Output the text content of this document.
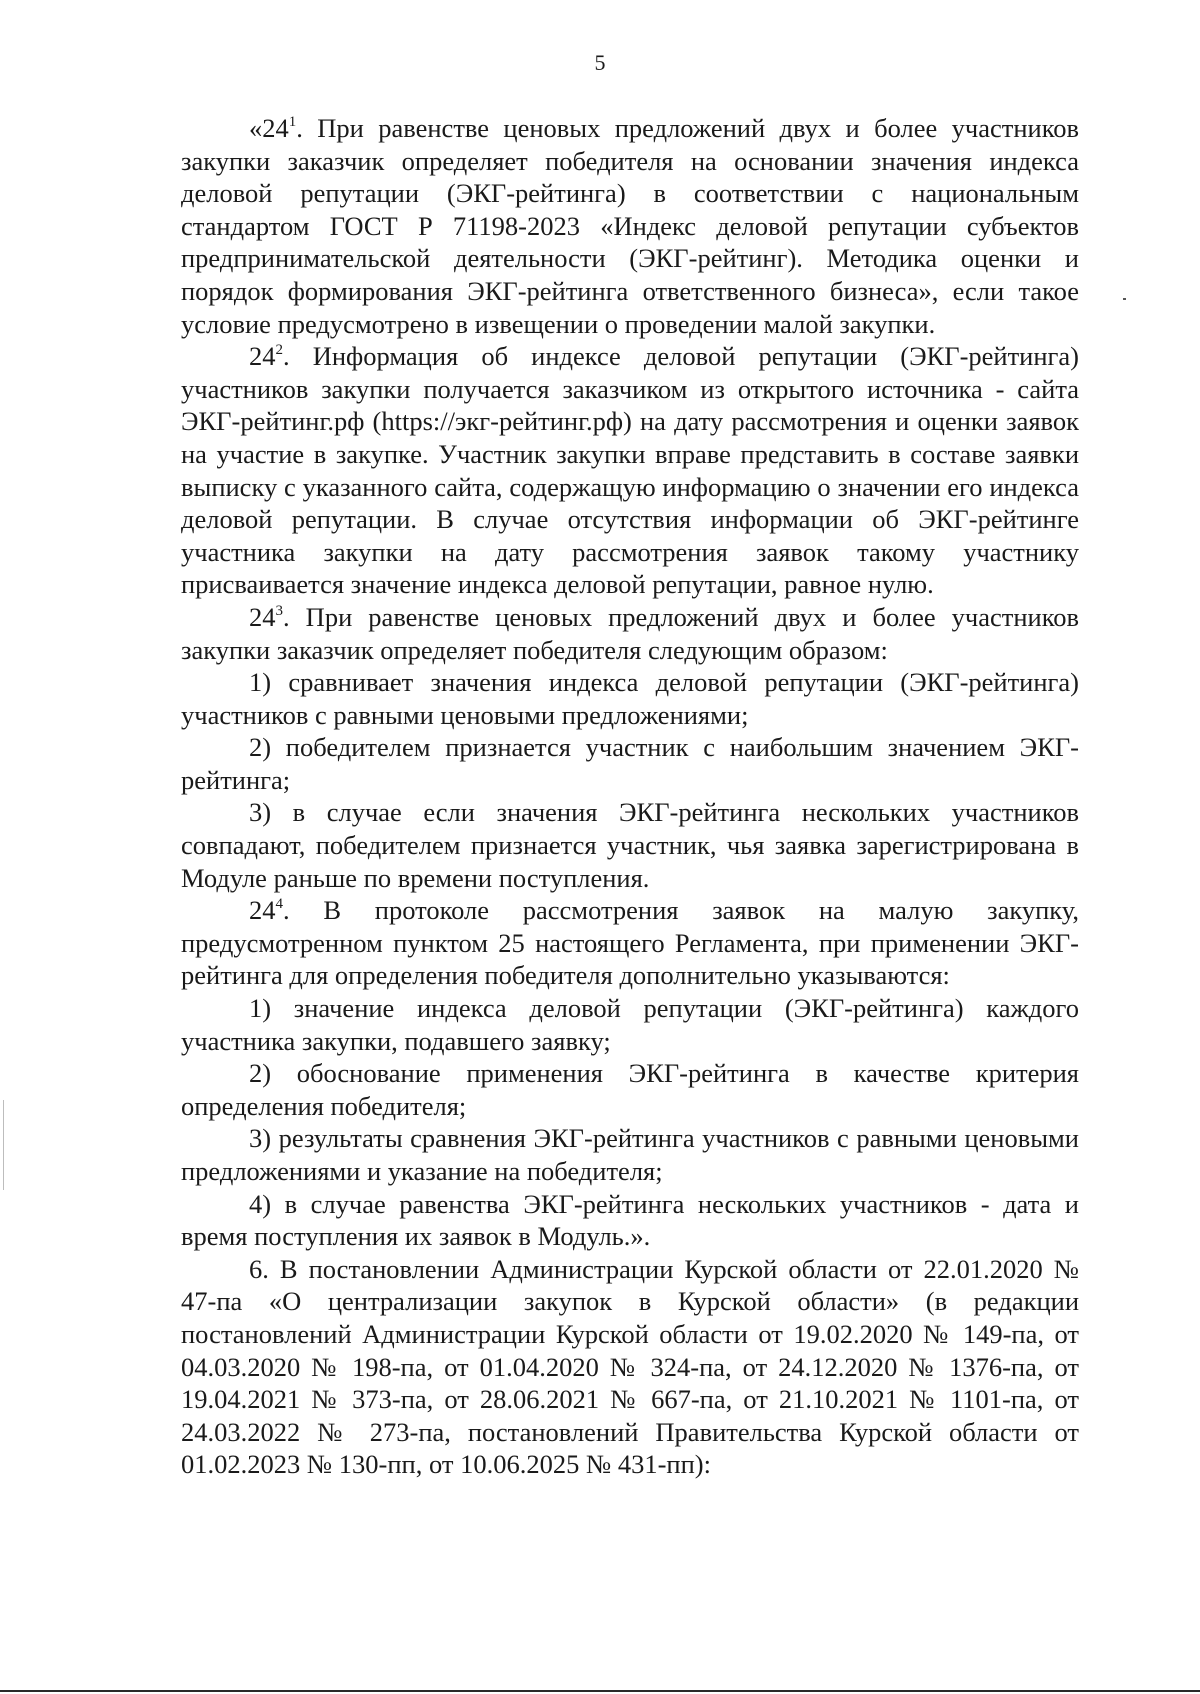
5

«$24^1$. При равенстве ценовых предложений двух и более участников закупки заказчик определяет победителя на основании значения индекса деловой репутации (ЭКГ-рейтинга) в соответствии с национальным стандартом ГОСТ Р 71198-2023 «Индекс деловой репутации субъектов предпринимательской деятельности (ЭКГ-рейтинг). Методика оценки и порядок формирования ЭКГ-рейтинга ответственного бизнеса», если такое условие предусмотрено в извещении о проведении малой закупки.

$24^2$. Информация об индексе деловой репутации (ЭКГ-рейтинга) участников закупки получается заказчиком из открытого источника - сайта ЭКГ-рейтинг.рф (https://экг-рейтинг.рф) на дату рассмотрения и оценки заявок на участие в закупке. Участник закупки вправе представить в составе заявки выписку с указанного сайта, содержащую информацию о значении его индекса деловой репутации. В случае отсутствия информации об ЭКГ-рейтинге участника закупки на дату рассмотрения заявок такому участнику присваивается значение индекса деловой репутации, равное нулю.

$24^3$. При равенстве ценовых предложений двух и более участников закупки заказчик определяет победителя следующим образом:

1) сравнивает значения индекса деловой репутации (ЭКГ-рейтинга) участников с равными ценовыми предложениями;

2) победителем признается участник с наибольшим значением ЭКГ-рейтинга;

3) в случае если значения ЭКГ-рейтинга нескольких участников совпадают, победителем признается участник, чья заявка зарегистрирована в Модуле раньше по времени поступления.

$24^4$. В протоколе рассмотрения заявок на малую закупку, предусмотренном пунктом 25 настоящего Регламента, при применении ЭКГ-рейтинга для определения победителя дополнительно указываются:

1) значение индекса деловой репутации (ЭКГ-рейтинга) каждого участника закупки, подавшего заявку;

2) обоснование применения ЭКГ-рейтинга в качестве критерия определения победителя;

3) результаты сравнения ЭКГ-рейтинга участников с равными ценовыми предложениями и указание на победителя;

4) в случае равенства ЭКГ-рейтинга нескольких участников - дата и время поступления их заявок в Модуль.».

6. В постановлении Администрации Курской области от 22.01.2020 № 47-па «О централизации закупок в Курской области» (в редакции постановлений Администрации Курской области от 19.02.2020 № 149-па, от 04.03.2020 № 198-па, от 01.04.2020 № 324-па, от 24.12.2020 № 1376-па, от 19.04.2021 № 373-па, от 28.06.2021 № 667-па, от 21.10.2021 № 1101-па, от 24.03.2022 № 273-па, постановлений Правительства Курской области от 01.02.2023 № 130-пп, от 10.06.2025 № 431-пп):
